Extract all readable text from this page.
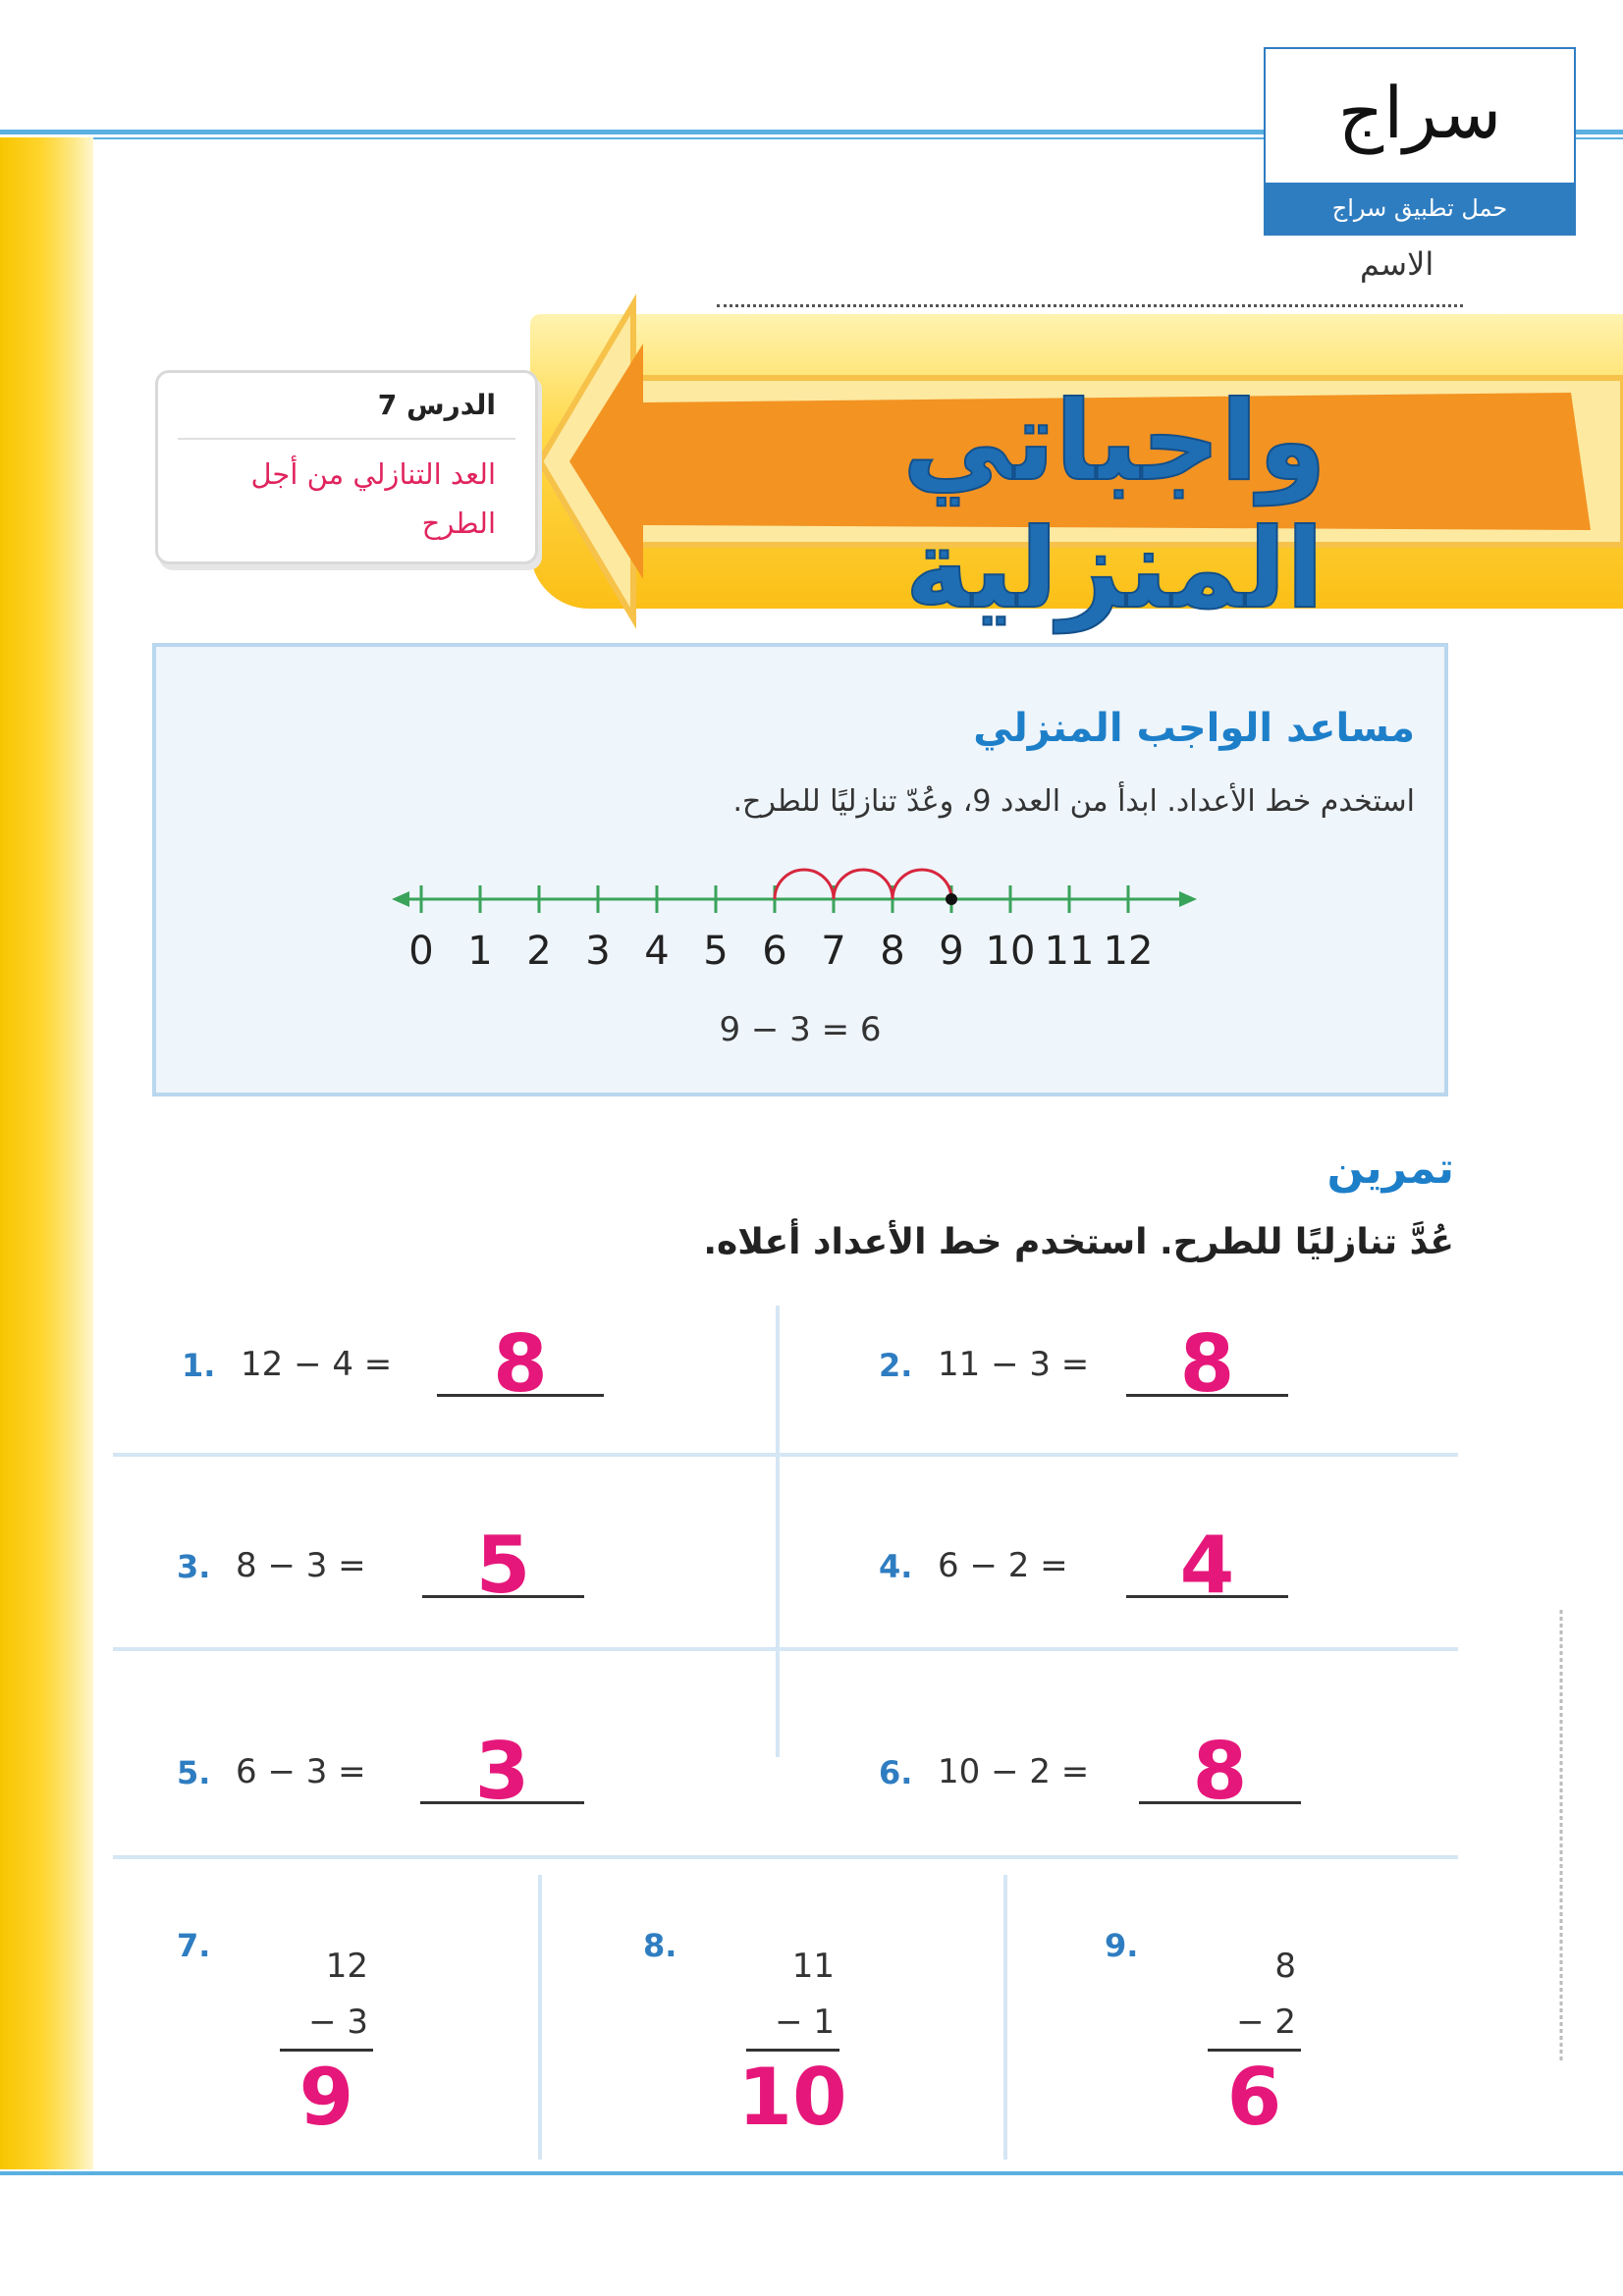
سراج
حمل تطبيق سراج
الاسم
واجباتي المنزلية
الدرس 7
العد التنازلي من أجل الطرح
مساعد الواجب المنزلي
استخدم خط الأعداد. ابدأ من العدد 9، وعُدّ تنازليًا للطرح.
0 1 2 3 4 5 6 7 8 9 10 11 12
9 − 3 = 6
تمرين
عُدَّ تنازليًا للطرح. استخدم خط الأعداد أعلاه.
1. 12 − 4 =	8	2. 11 − 3 =	8
3. 8 − 3 =	5	4. 6 − 2 =	4
5. 6 − 3 =	3	6. 10 − 2 =	8
7.
12
− 3
9
8.
11
− 1
10
9.
8
− 2
6
